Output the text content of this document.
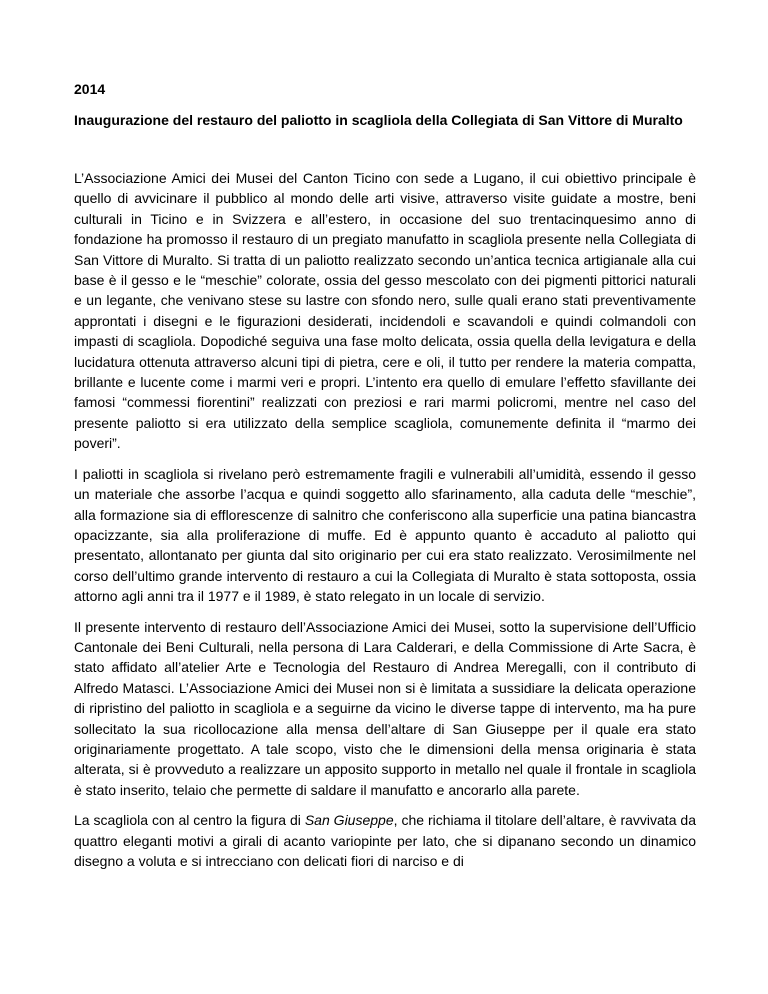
2014
Inaugurazione del restauro del paliotto in scagliola della Collegiata di San Vittore di Muralto

L’Associazione Amici dei Musei del Canton Ticino con sede a Lugano, il cui obiettivo principale è quello di avvicinare il pubblico al mondo delle arti visive, attraverso visite guidate a mostre, beni culturali in Ticino e in Svizzera e all’estero, in occasione del suo trentacinquesimo anno di fondazione ha promosso il restauro di un pregiato manufatto in scagliola presente nella Collegiata di San Vittore di Muralto. Si tratta di un paliotto realizzato secondo un’antica tecnica artigianale alla cui base è il gesso e le “meschie” colorate, ossia del gesso mescolato con dei pigmenti pittorici naturali e un legante, che venivano stese su lastre con sfondo nero, sulle quali erano stati preventivamente approntati i disegni e le figurazioni desiderati, incidendoli e scavandoli e quindi colmandoli con impasti di scagliola. Dopodiché seguiva una fase molto delicata, ossia quella della levigatura e della lucidatura ottenuta attraverso alcuni tipi di pietra, cere e oli, il tutto per rendere la materia compatta, brillante e lucente come i marmi veri e propri. L’intento era quello di emulare l’effetto sfavillante dei famosi “commessi fiorentini” realizzati con preziosi e rari marmi policromi, mentre nel caso del presente paliotto si era utilizzato della semplice scagliola, comunemente definita il “marmo dei poveri”.

I paliotti in scagliola si rivelano però estremamente fragili e vulnerabili all’umidità, essendo il gesso un materiale che assorbe l’acqua e quindi soggetto allo sfarinamento, alla caduta delle “meschie”, alla formazione sia di efflorescenze di salnitro che conferiscono alla superficie una patina biancastra opacizzante, sia alla proliferazione di muffe. Ed è appunto quanto è accaduto al paliotto qui presentato, allontanato per giunta dal sito originario per cui era stato realizzato. Verosimilmente nel corso dell’ultimo grande intervento di restauro a cui la Collegiata di Muralto è stata sottoposta, ossia attorno agli anni tra il 1977 e il 1989, è stato relegato in un locale di servizio.

Il presente intervento di restauro dell’Associazione Amici dei Musei, sotto la supervisione dell’Ufficio Cantonale dei Beni Culturali, nella persona di Lara Calderari, e della Commissione di Arte Sacra, è stato affidato all’atelier Arte e Tecnologia del Restauro di Andrea Meregalli, con il contributo di Alfredo Matasci. L’Associazione Amici dei Musei non si è limitata a sussidiare la delicata operazione di ripristino del paliotto in scagliola e a seguirne da vicino le diverse tappe di intervento, ma ha pure sollecitato la sua ricollocazione alla mensa dell’altare di San Giuseppe per il quale era stato originariamente progettato. A tale scopo, visto che le dimensioni della mensa originaria è stata alterata, si è provveduto a realizzare un apposito supporto in metallo nel quale il frontale in scagliola è stato inserito, telaio che permette di saldare il manufatto e ancorarlo alla parete.

La scagliola con al centro la figura di San Giuseppe, che richiama il titolare dell’altare, è ravvivata da quattro eleganti motivi a girali di acanto variopinte per lato, che si dipanano secondo un dinamico disegno a voluta e si intrecciano con delicati fiori di narciso e di
